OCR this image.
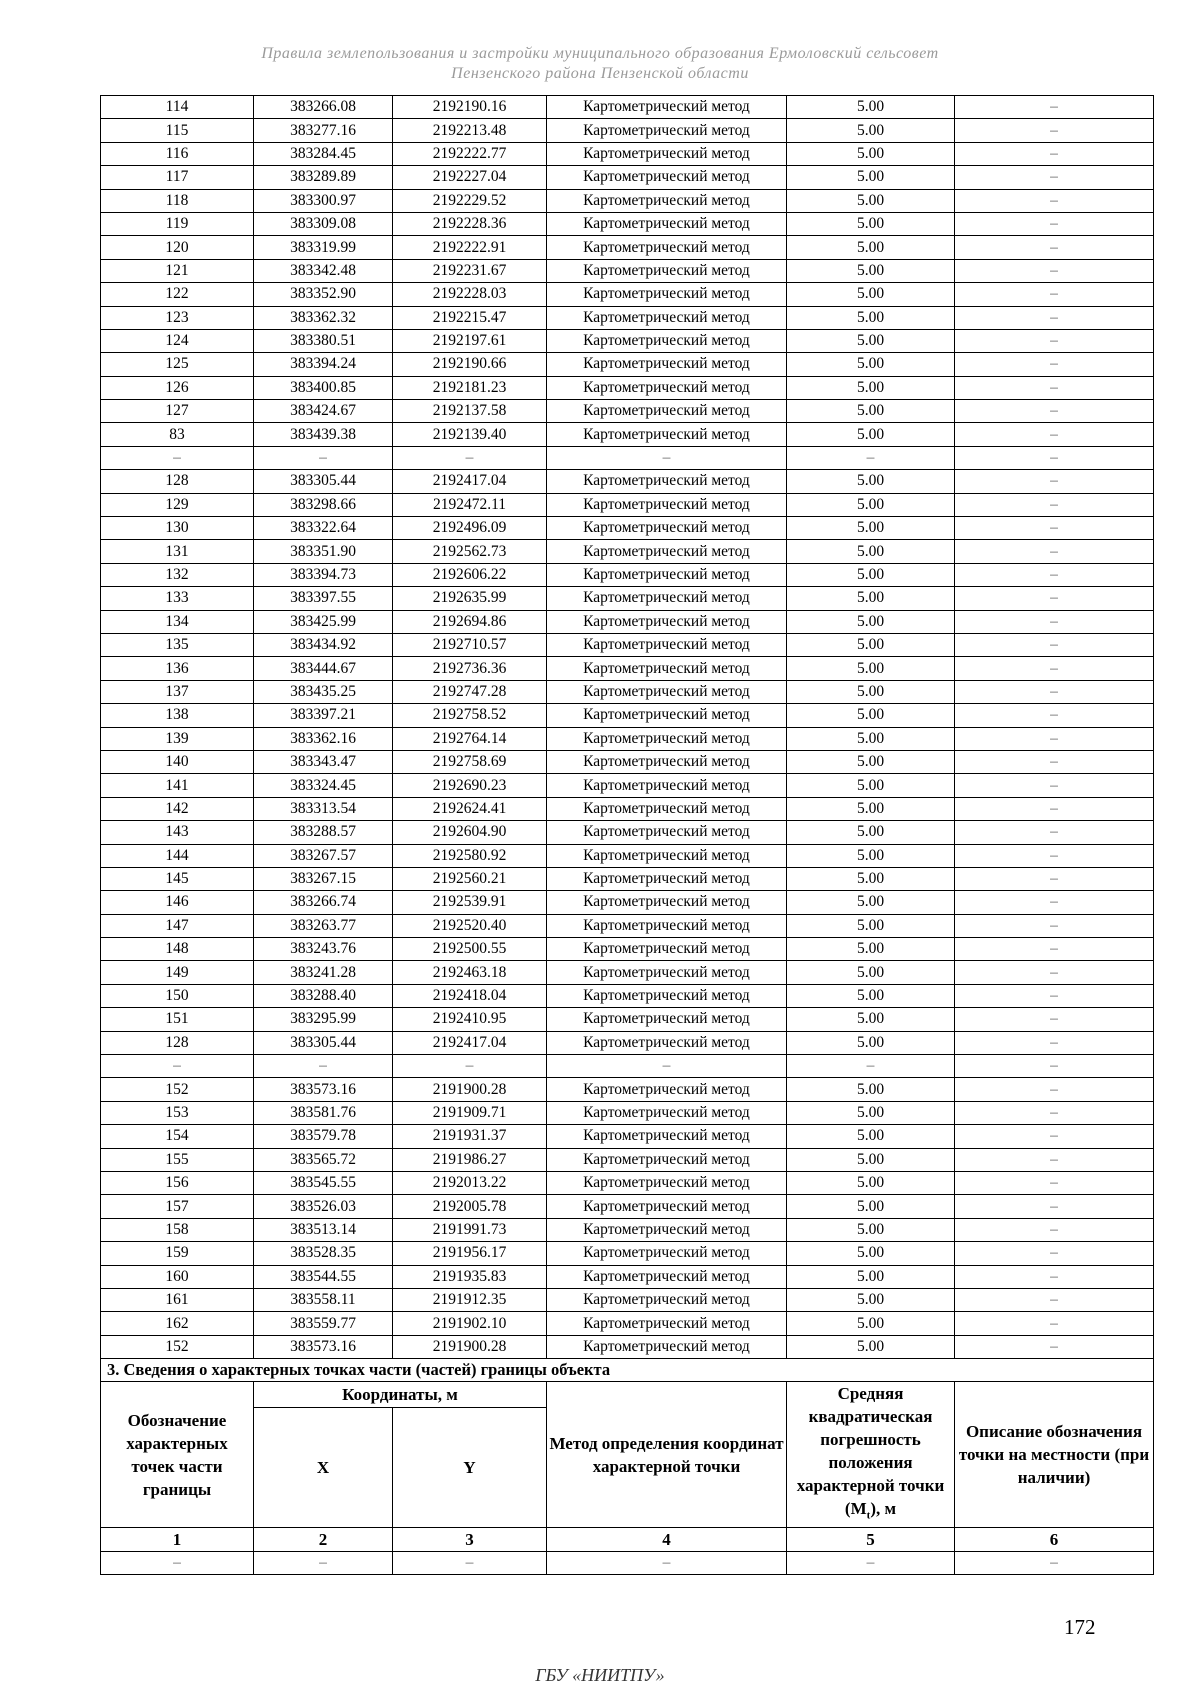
Правила землепользования и застройки муниципального образования Ермоловский сельсовет
Пензенского района Пензенской области
114	383266.08	2192190.16	Картометрический метод	5.00	–
115	383277.16	2192213.48	Картометрический метод	5.00	–
116	383284.45	2192222.77	Картометрический метод	5.00	–
117	383289.89	2192227.04	Картометрический метод	5.00	–
118	383300.97	2192229.52	Картометрический метод	5.00	–
119	383309.08	2192228.36	Картометрический метод	5.00	–
120	383319.99	2192222.91	Картометрический метод	5.00	–
121	383342.48	2192231.67	Картометрический метод	5.00	–
122	383352.90	2192228.03	Картометрический метод	5.00	–
123	383362.32	2192215.47	Картометрический метод	5.00	–
124	383380.51	2192197.61	Картометрический метод	5.00	–
125	383394.24	2192190.66	Картометрический метод	5.00	–
126	383400.85	2192181.23	Картометрический метод	5.00	–
127	383424.67	2192137.58	Картометрический метод	5.00	–
83	383439.38	2192139.40	Картометрический метод	5.00	–
–	–	–	–	–	–
128	383305.44	2192417.04	Картометрический метод	5.00	–
129	383298.66	2192472.11	Картометрический метод	5.00	–
130	383322.64	2192496.09	Картометрический метод	5.00	–
131	383351.90	2192562.73	Картометрический метод	5.00	–
132	383394.73	2192606.22	Картометрический метод	5.00	–
133	383397.55	2192635.99	Картометрический метод	5.00	–
134	383425.99	2192694.86	Картометрический метод	5.00	–
135	383434.92	2192710.57	Картометрический метод	5.00	–
136	383444.67	2192736.36	Картометрический метод	5.00	–
137	383435.25	2192747.28	Картометрический метод	5.00	–
138	383397.21	2192758.52	Картометрический метод	5.00	–
139	383362.16	2192764.14	Картометрический метод	5.00	–
140	383343.47	2192758.69	Картометрический метод	5.00	–
141	383324.45	2192690.23	Картометрический метод	5.00	–
142	383313.54	2192624.41	Картометрический метод	5.00	–
143	383288.57	2192604.90	Картометрический метод	5.00	–
144	383267.57	2192580.92	Картометрический метод	5.00	–
145	383267.15	2192560.21	Картометрический метод	5.00	–
146	383266.74	2192539.91	Картометрический метод	5.00	–
147	383263.77	2192520.40	Картометрический метод	5.00	–
148	383243.76	2192500.55	Картометрический метод	5.00	–
149	383241.28	2192463.18	Картометрический метод	5.00	–
150	383288.40	2192418.04	Картометрический метод	5.00	–
151	383295.99	2192410.95	Картометрический метод	5.00	–
128	383305.44	2192417.04	Картометрический метод	5.00	–
–	–	–	–	–	–
152	383573.16	2191900.28	Картометрический метод	5.00	–
153	383581.76	2191909.71	Картометрический метод	5.00	–
154	383579.78	2191931.37	Картометрический метод	5.00	–
155	383565.72	2191986.27	Картометрический метод	5.00	–
156	383545.55	2192013.22	Картометрический метод	5.00	–
157	383526.03	2192005.78	Картометрический метод	5.00	–
158	383513.14	2191991.73	Картометрический метод	5.00	–
159	383528.35	2191956.17	Картометрический метод	5.00	–
160	383544.55	2191935.83	Картометрический метод	5.00	–
161	383558.11	2191912.35	Картометрический метод	5.00	–
162	383559.77	2191902.10	Картометрический метод	5.00	–
152	383573.16	2191900.28	Картометрический метод	5.00	–
3. Сведения о характерных точках части (частей) границы объекта					
Обозначение характерных точек части границы	Координаты, м		Метод определения координат характерной точки	Средняя квадратическая погрешность положения характерной точки $(M_t)$, м	Описание обозначения точки на местности (при наличии)
	X	Y			
1	2	3	4	5	6
–	–	–	–	–	–
172
ГБУ «НИИТПУ»
